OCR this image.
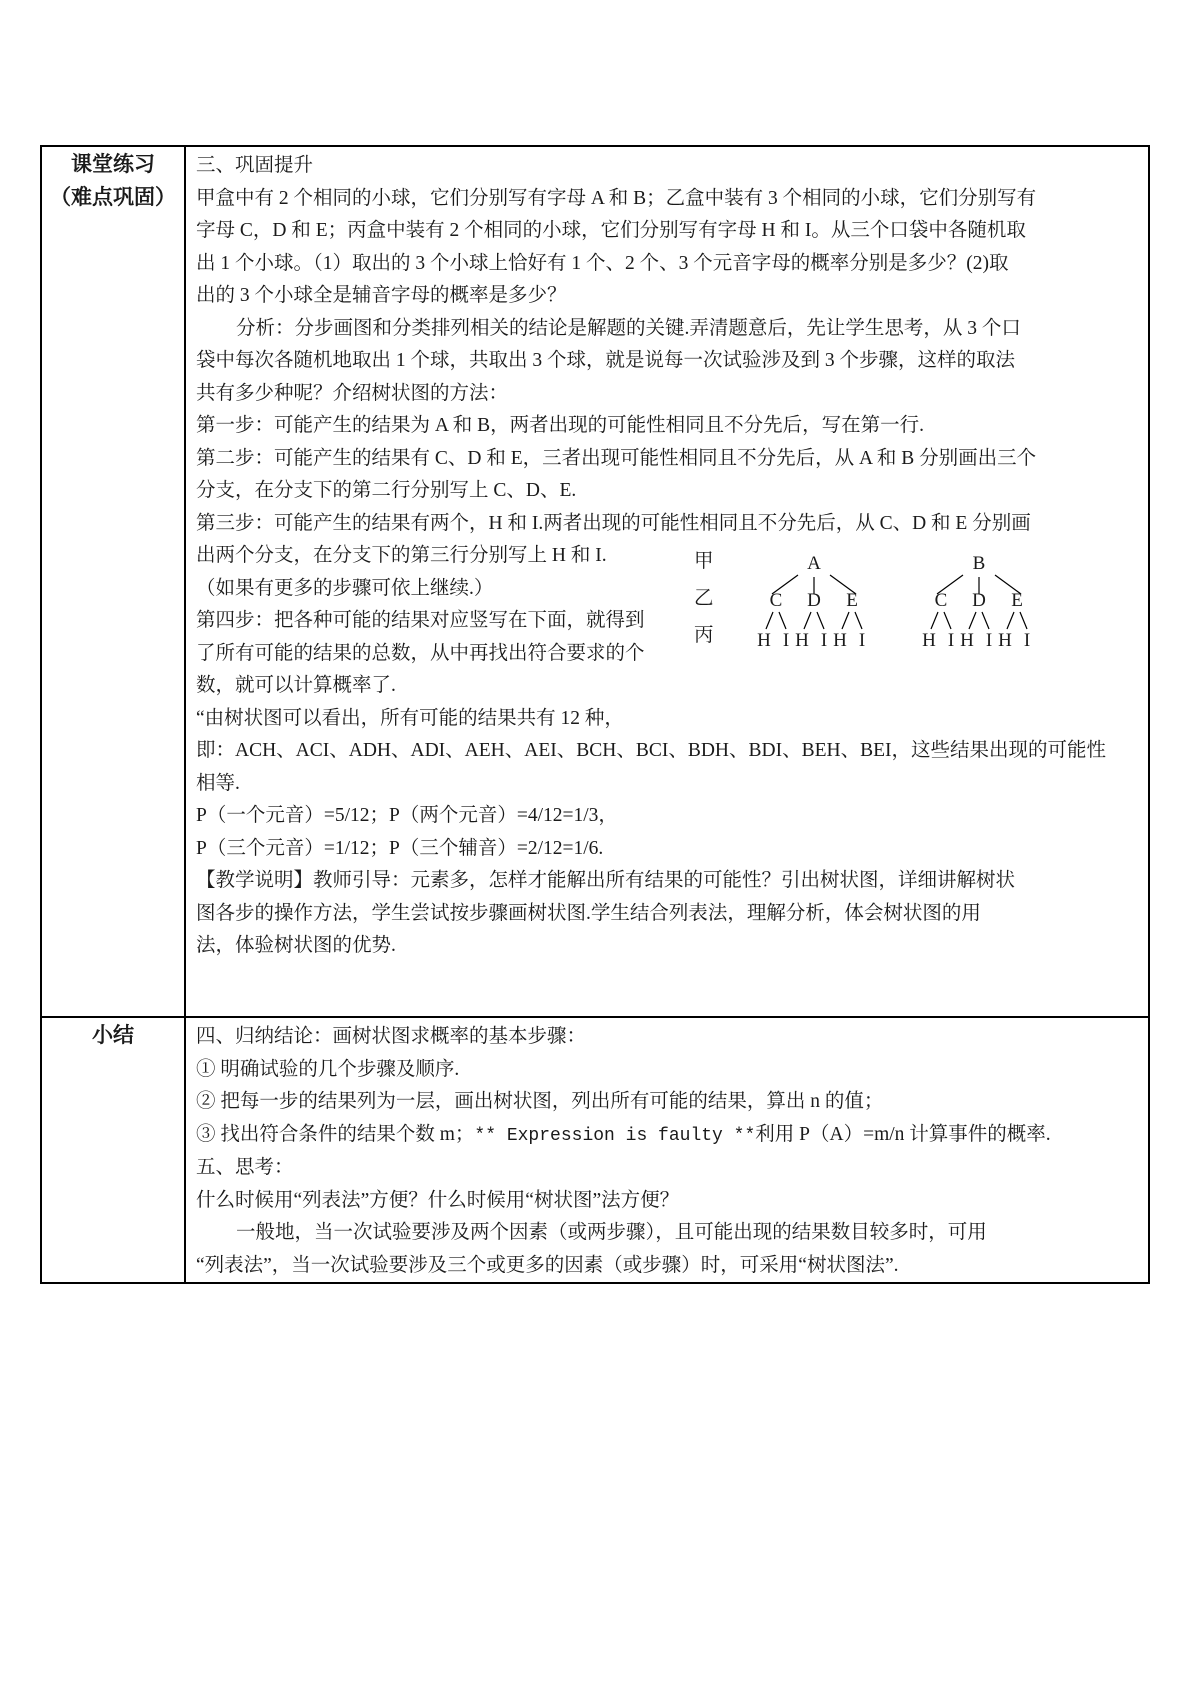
课堂练习
（难点巩固）

三、巩固提升
甲盒中有 2 个相同的小球，它们分别写有字母 A 和 B；乙盒中装有 3 个相同的小球，它们分别写有
字母 C，D 和 E；丙盒中装有 2 个相同的小球，它们分别写有字母 H 和 I。从三个口袋中各随机取
出 1 个小球。（1）取出的 3 个小球上恰好有 1 个、2 个、3 个元音字母的概率分别是多少？(2)取
出的 3 个小球全是辅音字母的概率是多少？
分析：分步画图和分类排列相关的结论是解题的关键.弄清题意后，先让学生思考，从 3 个口
袋中每次各随机地取出 1 个球，共取出 3 个球，就是说每一次试验涉及到 3 个步骤，这样的取法
共有多少种呢？介绍树状图的方法：
第一步：可能产生的结果为 A 和 B，两者出现的可能性相同且不分先后，写在第一行.
第二步：可能产生的结果有 C、D 和 E，三者出现可能性相同且不分先后，从 A 和 B 分别画出三个
分支，在分支下的第二行分别写上 C、D、E.
第三步：可能产生的结果有两个，H 和 I.两者出现的可能性相同且不分先后，从 C、D 和 E 分别画
出两个分支，在分支下的第三行分别写上 H 和 I.
（如果有更多的步骤可依上继续.）
第四步：把各种可能的结果对应竖写在下面，就得到
了所有可能的结果的总数，从中再找出符合要求的个
数，就可以计算概率了.
“由树状图可以看出，所有可能的结果共有 12 种，
即：ACH、ACI、ADH、ADI、AEH、AEI、BCH、BCI、BDH、BDI、BEH、BEI，这些结果出现的可能性
相等.
P（一个元音）=5/12；P（两个元音）=4/12=1/3，
P（三个元音）=1/12；P（三个辅音）=2/12=1/6.
【教学说明】教师引导：元素多，怎样才能解出所有结果的可能性？引出树状图，详细讲解树状
图各步的操作方法，学生尝试按步骤画树状图.学生结合列表法，理解分析，体会树状图的用
法，体验树状图的优势.
甲
乙
丙
A
C D E
H I H I H I
B
C D E
H I H I H I

小结	四、归纳结论：画树状图求概率的基本步骤：
① 明确试验的几个步骤及顺序.
② 把每一步的结果列为一层，画出树状图，列出所有可能的结果，算出 n 的值；
③ 找出符合条件的结果个数 m；** Expression is faulty **利用 P（A）=m/n 计算事件的概率.
五、思考：
什么时候用“列表法”方便？什么时候用“树状图”法方便？
一般地，当一次试验要涉及两个因素（或两步骤），且可能出现的结果数目较多时，可用
“列表法”，当一次试验要涉及三个或更多的因素（或步骤）时，可采用“树状图法”.
